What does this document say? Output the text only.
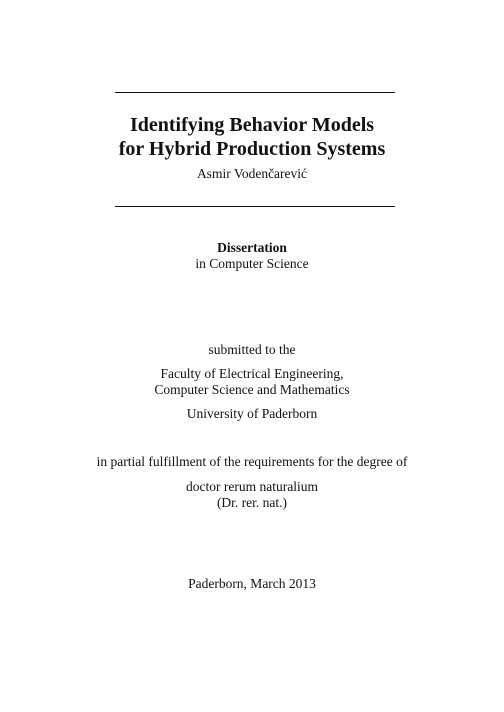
Identifying Behavior Models
for Hybrid Production Systems
Asmir Vodenčarević
Dissertation
in Computer Science
submitted to the
Faculty of Electrical Engineering,
Computer Science and Mathematics
University of Paderborn
in partial fulfillment of the requirements for the degree of
doctor rerum naturalium
(Dr. rer. nat.)
Paderborn, March 2013
